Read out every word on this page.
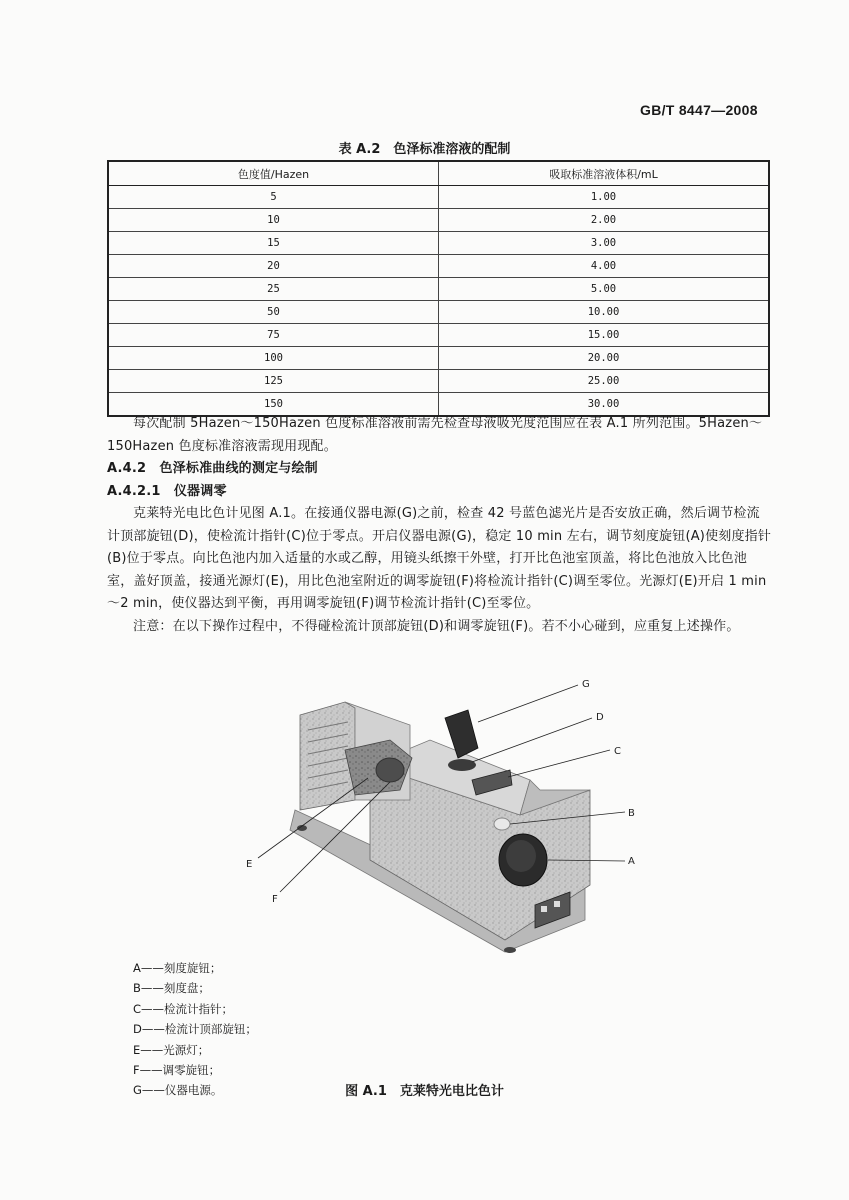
GB/T 8447—2008
表 A.2　色泽标准溶液的配制
色度值/Hazen	吸取标准溶液体积/mL
5	1.00
10	2.00
15	3.00
20	4.00
25	5.00
50	10.00
75	15.00
100	20.00
125	25.00
150	30.00

每次配制 5Hazen～150Hazen 色度标准溶液前需先检查母液吸光度范围应在表 A.1 所列范围。5Hazen～150Hazen 色度标准溶液需现用现配。

A.4.2　色泽标准曲线的测定与绘制

A.4.2.1　仪器调零

克莱特光电比色计见图 A.1。在接通仪器电源(G)之前，检查 42 号蓝色滤光片是否安放正确，然后调节检流计顶部旋钮(D)，使检流计指针(C)位于零点。开启仪器电源(G)，稳定 10 min 左右，调节刻度旋钮(A)使刻度指针(B)位于零点。向比色池内加入适量的水或乙醇，用镜头纸擦干外壁，打开比色池室顶盖，将比色池放入比色池室，盖好顶盖，接通光源灯(E)，用比色池室附近的调零旋钮(F)将检流计指针(C)调至零位。光源灯(E)开启 1 min～2 min，使仪器达到平衡，再用调零旋钮(F)调节检流计指针(C)至零位。

注意：在以下操作过程中，不得碰检流计顶部旋钮(D)和调零旋钮(F)。若不小心碰到，应重复上述操作。

G
D
C
B
A
E
F
A——刻度旋钮；
B——刻度盘；
C——检流计指针；
D——检流计顶部旋钮；
E——光源灯；
F——调零旋钮；
G——仪器电源。	图 A.1　克莱特光电比色计
